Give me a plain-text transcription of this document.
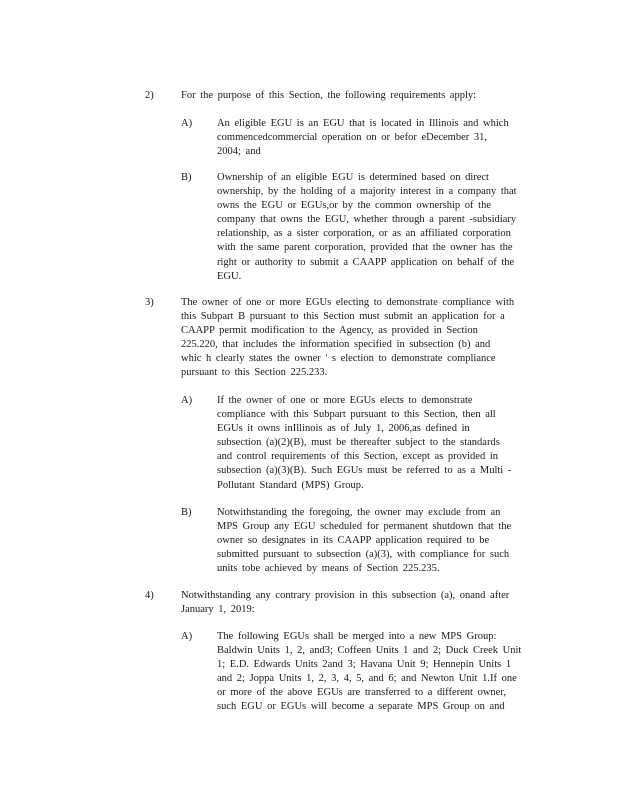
2)	For the purpose of this Section, the following requirements apply:
A) An eligible EGU is an EGU that is located in Illinois and which
commencedcommercial operation on or befor eDecember 31,
2004; and
B) Ownership of an eligible EGU is determined based on direct
ownership, by the holding of a majority interest in a company that
owns the EGU or EGUs,or by the common ownership of the
company that owns the EGU, whether through a parent -subsidiary
relationship, as a sister corporation, or as an affiliated corporation
with the same parent corporation, provided that the owner has the
right or authority to submit a CAAPP application on behalf of the
EGU.
3)	The owner of one or more EGUs electing to demonstrate compliance with
this Subpart B pursuant to this Section must submit an application for a
CAAPP permit modification to the Agency, as provided in Section
225.220, that includes the information specified in subsection (b) and
whic h clearly states the owner ' s election to demonstrate compliance
pursuant to this Section 225.233.
A) If the owner of one or more EGUs elects to demonstrate
compliance with this Subpart pursuant to this Section, then all
EGUs it owns inIllinois as of July 1, 2006,as defined in
subsection (a)(2)(B), must be thereafter subject to the standards
and control requirements of this Section, except as provided in
subsection (a)(3)(B). Such EGUs must be referred to as a Multi -
Pollutant Standard (MPS) Group.
B) Notwithstanding the foregoing, the owner may exclude from an
MPS Group any EGU scheduled for permanent shutdown that the
owner so designates in its CAAPP application required to be
submitted pursuant to subsection (a)(3), with compliance for such
units tobe achieved by means of Section 225.235.
4)	Notwithstanding any contrary provision in this subsection (a), onand after
January 1, 2019:
A) The following EGUs shall be merged into a new MPS Group:
Baldwin Units 1, 2, and3; Coffeen Units 1 and 2; Duck Creek Unit
1; E.D. Edwards Units 2and 3; Havana Unit 9; Hennepin Units 1
and 2; Joppa Units 1, 2, 3, 4, 5, and 6; and Newton Unit 1.If one
or more of the above EGUs are transferred to a different owner,
such EGU or EGUs will become a separate MPS Group on and
